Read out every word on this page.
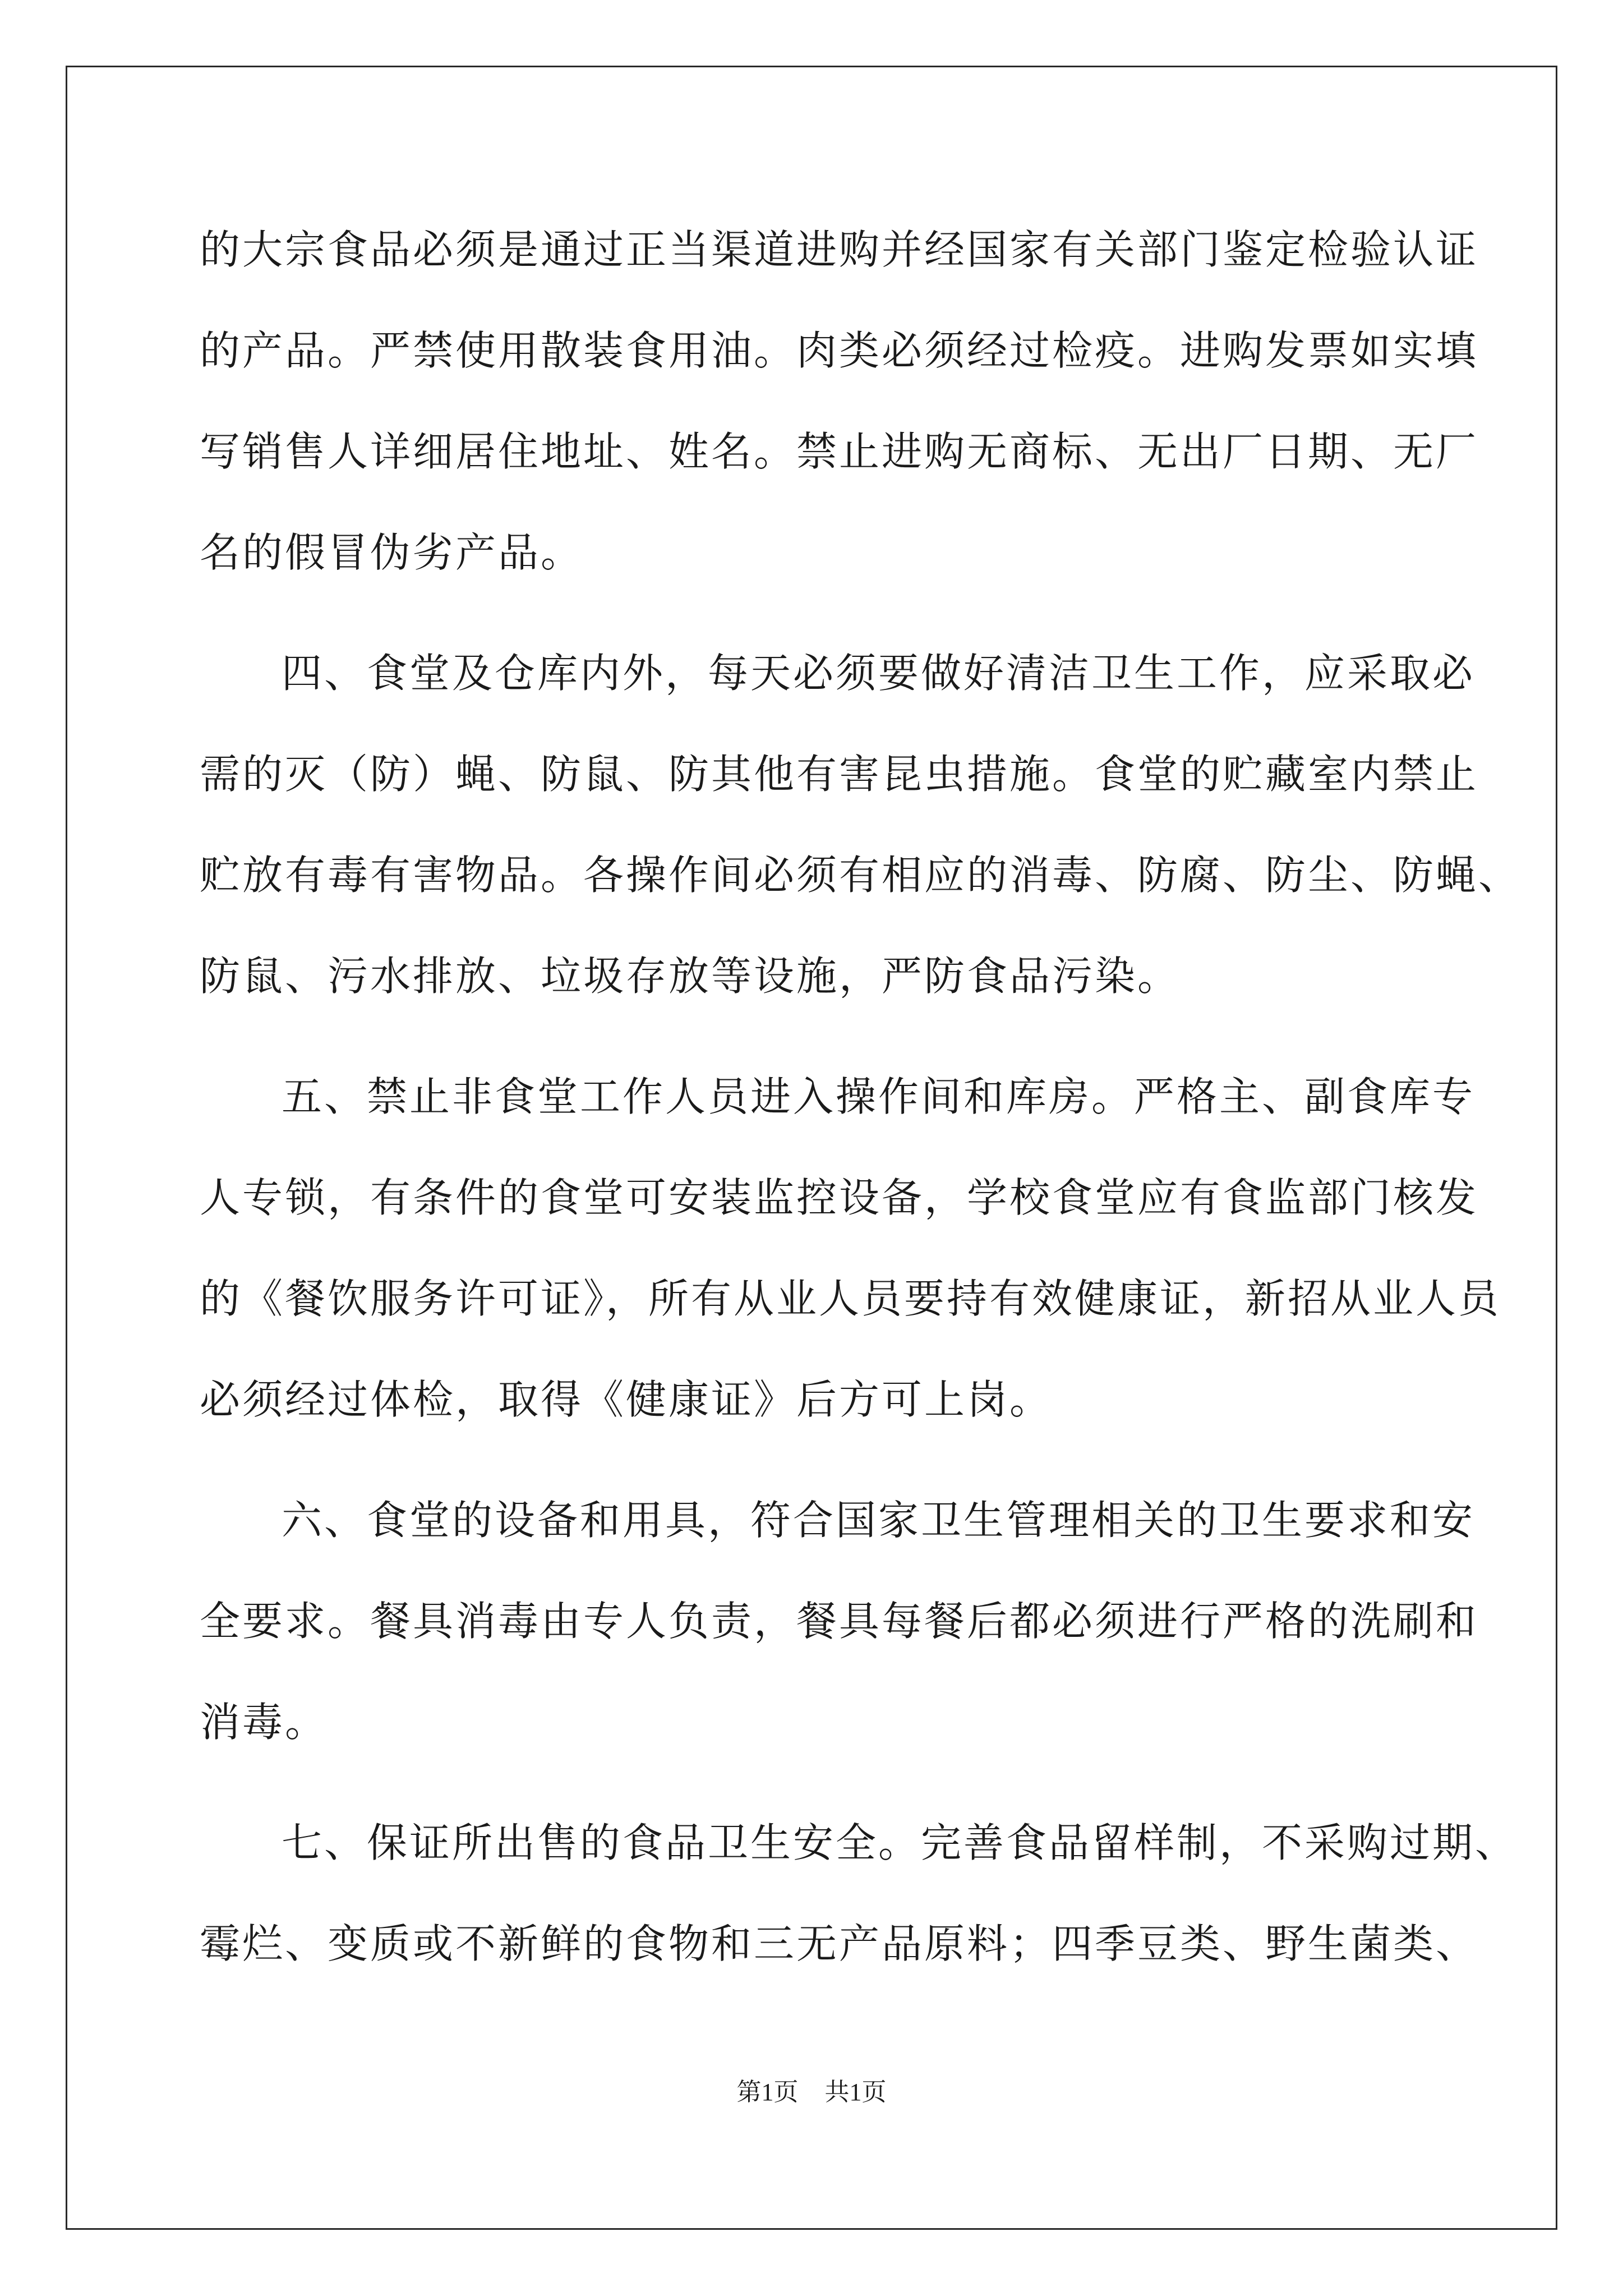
的大宗食品必须是通过正当渠道进购并经国家有关部门鉴定检验认证
的产品。严禁使用散装食用油。肉类必须经过检疫。进购发票如实填
写销售人详细居住地址、姓名。禁止进购无商标、无出厂日期、无厂
名的假冒伪劣产品。
四、食堂及仓库内外，每天必须要做好清洁卫生工作，应采取必
需的灭（防）蝇、防鼠、防其他有害昆虫措施。食堂的贮藏室内禁止
贮放有毒有害物品。各操作间必须有相应的消毒、防腐、防尘、防蝇、
防鼠、污水排放、垃圾存放等设施，严防食品污染。
五、禁止非食堂工作人员进入操作间和库房。严格主、副食库专
人专锁，有条件的食堂可安装监控设备，学校食堂应有食监部门核发
的《餐饮服务许可证》，所有从业人员要持有效健康证，新招从业人员
必须经过体检，取得《健康证》后方可上岗。
六、食堂的设备和用具，符合国家卫生管理相关的卫生要求和安
全要求。餐具消毒由专人负责，餐具每餐后都必须进行严格的洗刷和
消毒。
七、保证所出售的食品卫生安全。完善食品留样制，不采购过期、
霉烂、变质或不新鲜的食物和三无产品原料；四季豆类、野生菌类、
第1页 共1页
